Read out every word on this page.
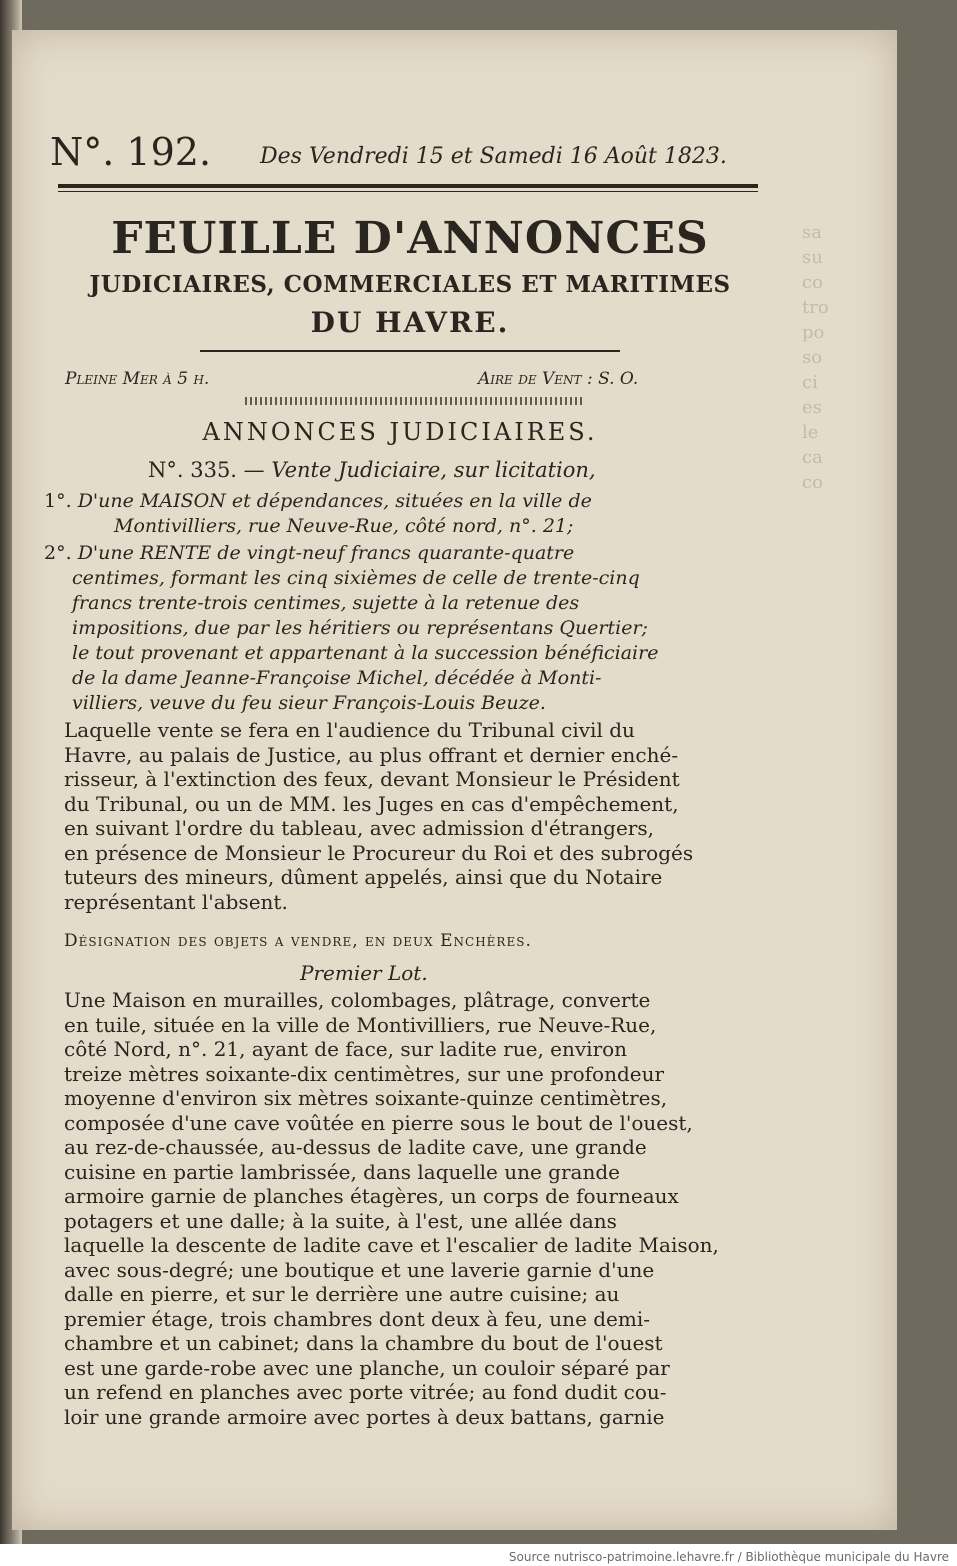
sa
su
co
tro
po
so
ci
es
le
ca
co

N°. 192. Des Vendredi 15 et Samedi 16 Août 1823.
FEUILLE D'ANNONCES
JUDICIAIRES, COMMERCIALES ET MARITIMES
DU HAVRE.
Pleine Mer à 5 h.	Aire de Vent : S. O.
ANNONCES JUDICIAIRES.
N°. 335. — Vente Judiciaire, sur licitation,
1°. D'une MAISON et dépendances, situées en la ville de
Montivilliers, rue Neuve-Rue, côté nord, n°. 21;
2°. D'une RENTE de vingt-neuf francs quarante-quatre
centimes, formant les cinq sixièmes de celle de trente-cinq
francs trente-trois centimes, sujette à la retenue des
impositions, due par les héritiers ou représentans Quertier;
le tout provenant et appartenant à la succession bénéficiaire
de la dame Jeanne-Françoise Michel, décédée à Monti-
villiers, veuve du feu sieur François-Louis Beuze.
Laquelle vente se fera en l'audience du Tribunal civil du
Havre, au palais de Justice, au plus offrant et dernier enché-
risseur, à l'extinction des feux, devant Monsieur le Président
du Tribunal, ou un de MM. les Juges en cas d'empêchement,
en suivant l'ordre du tableau, avec admission d'étrangers,
en présence de Monsieur le Procureur du Roi et des subrogés
tuteurs des mineurs, dûment appelés, ainsi que du Notaire
représentant l'absent.
Désignation des objets a vendre, en deux Enchères.
Premier Lot.
Une Maison en murailles, colombages, plâtrage, converte
en tuile, située en la ville de Montivilliers, rue Neuve-Rue,
côté Nord, n°. 21, ayant de face, sur ladite rue, environ
treize mètres soixante-dix centimètres, sur une profondeur
moyenne d'environ six mètres soixante-quinze centimètres,
composée d'une cave voûtée en pierre sous le bout de l'ouest,
au rez-de-chaussée, au-dessus de ladite cave, une grande
cuisine en partie lambrissée, dans laquelle une grande
armoire garnie de planches étagères, un corps de fourneaux
potagers et une dalle; à la suite, à l'est, une allée dans
laquelle la descente de ladite cave et l'escalier de ladite Maison,
avec sous-degré; une boutique et une laverie garnie d'une
dalle en pierre, et sur le derrière une autre cuisine; au
premier étage, trois chambres dont deux à feu, une demi-
chambre et un cabinet; dans la chambre du bout de l'ouest
est une garde-robe avec une planche, un couloir séparé par
un refend en planches avec porte vitrée; au fond dudit cou-
loir une grande armoire avec portes à deux battans, garnie
Source nutrisco-patrimoine.lehavre.fr / Bibliothèque municipale du Havre
